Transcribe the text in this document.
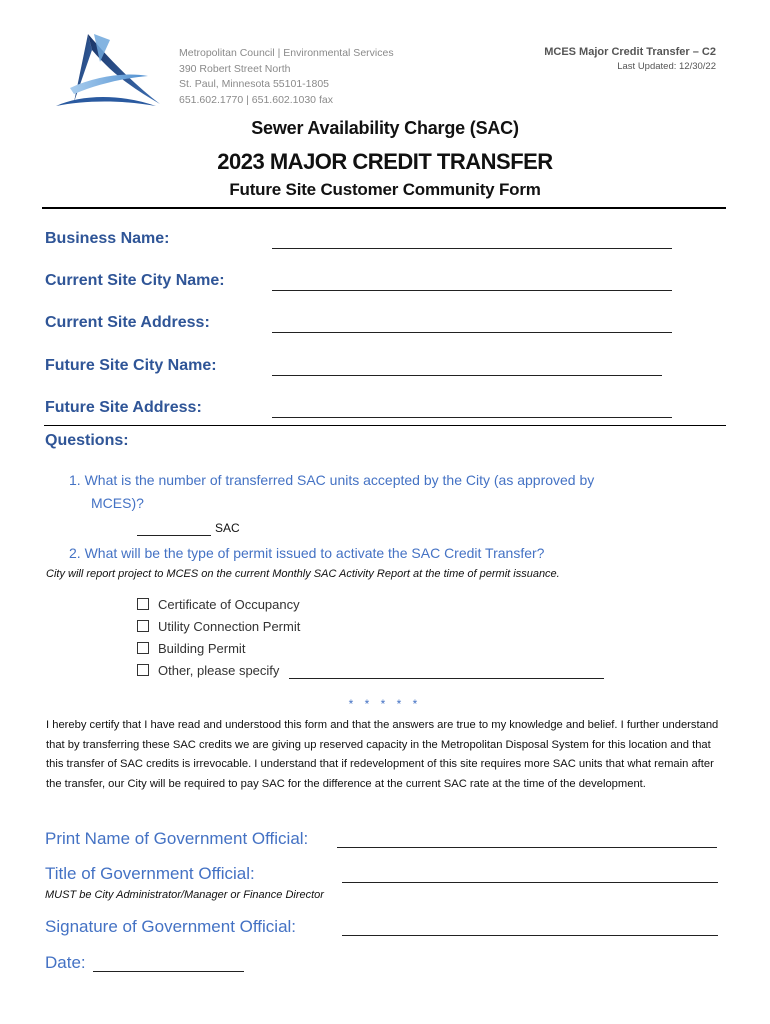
Metropolitan Council | Environmental Services
390 Robert Street North
St. Paul, Minnesota 55101-1805
651.602.1770 | 651.602.1030 fax
MCES Major Credit Transfer – C2
Last Updated: 12/30/22
Sewer Availability Charge (SAC)
2023 MAJOR CREDIT TRANSFER
Future Site Customer Community Form
Business Name:
Current Site City Name:
Current Site Address:
Future Site City Name:
Future Site Address:
Questions:
1. What is the number of transferred SAC units accepted by the City (as approved by
MCES)?
SAC
2. What will be the type of permit issued to activate the SAC Credit Transfer?
City will report project to MCES on the current Monthly SAC Activity Report at the time of permit issuance.
Certificate of Occupancy
Utility Connection Permit
Building Permit
Other, please specify
* * * * *
I hereby certify that I have read and understood this form and that the answers are true to my knowledge and belief. I further understand that by transferring these SAC credits we are giving up reserved capacity in the Metropolitan Disposal System for this location and that this transfer of SAC credits is irrevocable. I understand that if redevelopment of this site requires more SAC units that what remain after the transfer, our City will be required to pay SAC for the difference at the current SAC rate at the time of the development.
Print Name of Government Official:
Title of Government Official:
MUST be City Administrator/Manager or Finance Director
Signature of Government Official:
Date:
